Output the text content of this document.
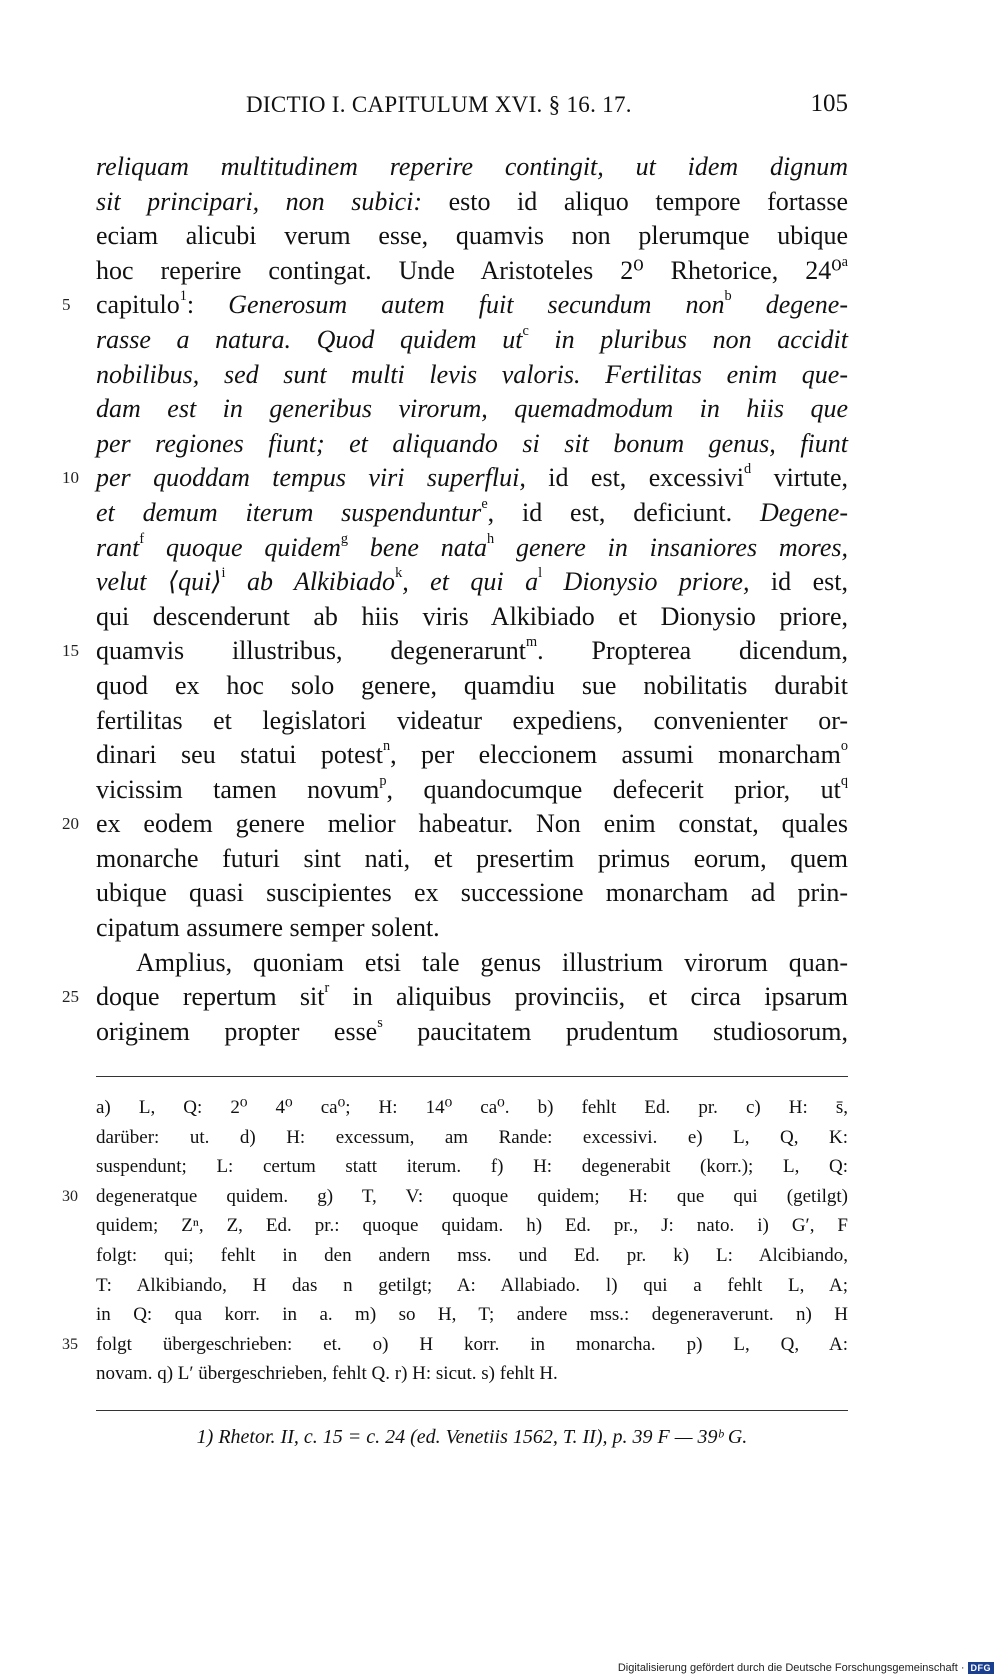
DICTIO I. CAPITULUM XVI. § 16. 17.	105
reliquam multitudinem reperire contingit, ut idem dignum
sit principari, non subici: esto id aliquo tempore fortasse
eciam alicubi verum esse, quamvis non plerumque ubique
hoc reperire contingat. Unde Aristoteles 2⁰ Rhetorice, 24⁰$^a$
5 capitulo$^1$: Generosum autem fuit secundum non$^b$ degene-
rasse a natura. Quod quidem $ut^c$ in pluribus non accidit
nobilibus, sed sunt multi levis valoris. Fertilitas enim que-
dam est in generibus virorum, quemadmodum in hiis que
per regiones fiunt; et aliquando si sit bonum genus, fiunt
10 per quoddam tempus viri superflui, id est, excessivi$^d$ virtute,
et demum iterum suspenduntur$^e$, id est, deficiunt. Degene-
rant$^f$ quoque quidem$^g$ bene nata$^h$ genere in insaniores mores,
velut ⟨qui⟩$^i$ ab Alkibiado$^k$, et qui $a^l$ Dionysio priore, id est,
qui descenderunt ab hiis viris Alkibiado et Dionysio priore,
15 quamvis illustribus, degenerarunt$^m$. Propterea dicendum,
quod ex hoc solo genere, quamdiu sue nobilitatis durabit
fertilitas et legislatori videatur expediens, convenienter or-
dinari seu statui potest$^n$, per eleccionem assumi monarcham$^o$
vicissim tamen novum$^p$, quandocumque defecerit prior, $ut^q$
20 ex eodem genere melior habeatur. Non enim constat, quales
monarche futuri sint nati, et presertim primus eorum, quem
ubique quasi suscipientes ex successione monarcham ad prin-
cipatum assumere semper solent.
Amplius, quoniam etsi tale genus illustrium virorum quan-
25 doque repertum sit$^r$ in aliquibus provinciis, et circa ipsarum
originem propter esse$^s$ paucitatem prudentum studiosorum,
a) L, Q: 2⁰ 4⁰ ca⁰; H: 14⁰ ca⁰. b) fehlt Ed. pr. c) H: s̄,
darüber: ut. d) H: excessum, am Rande: excessivi. e) L, Q, K:
suspendunt; L: certum statt iterum. f) H: degenerabit (korr.); L, Q:
30 degeneratque quidem. g) T, V: quoque quidem; H: que qui (getilgt)
quidem; Zⁿ, Z, Ed. pr.: quoque quidam. h) Ed. pr., J: nato. i) G′, F
folgt: qui; fehlt in den andern mss. und Ed. pr. k) L: Alcibiando,
T: Alkibiando, H das n getilgt; A: Allabiado. l) qui a fehlt L, A;
in Q: qua korr. in a. m) so H, T; andere mss.: degeneraverunt. n) H
35 folgt übergeschrieben: et. o) H korr. in monarcha. p) L, Q, A:
novam. q) L′ übergeschrieben, fehlt Q. r) H: sicut. s) fehlt H.
1) Rhetor. II, c. 15 = c. 24 (ed. Venetiis 1562, T. II), p. 39 F — 39ᵇ G.
Digitalisierung gefördert durch die Deutsche Forschungsgemeinschaft · DFG
